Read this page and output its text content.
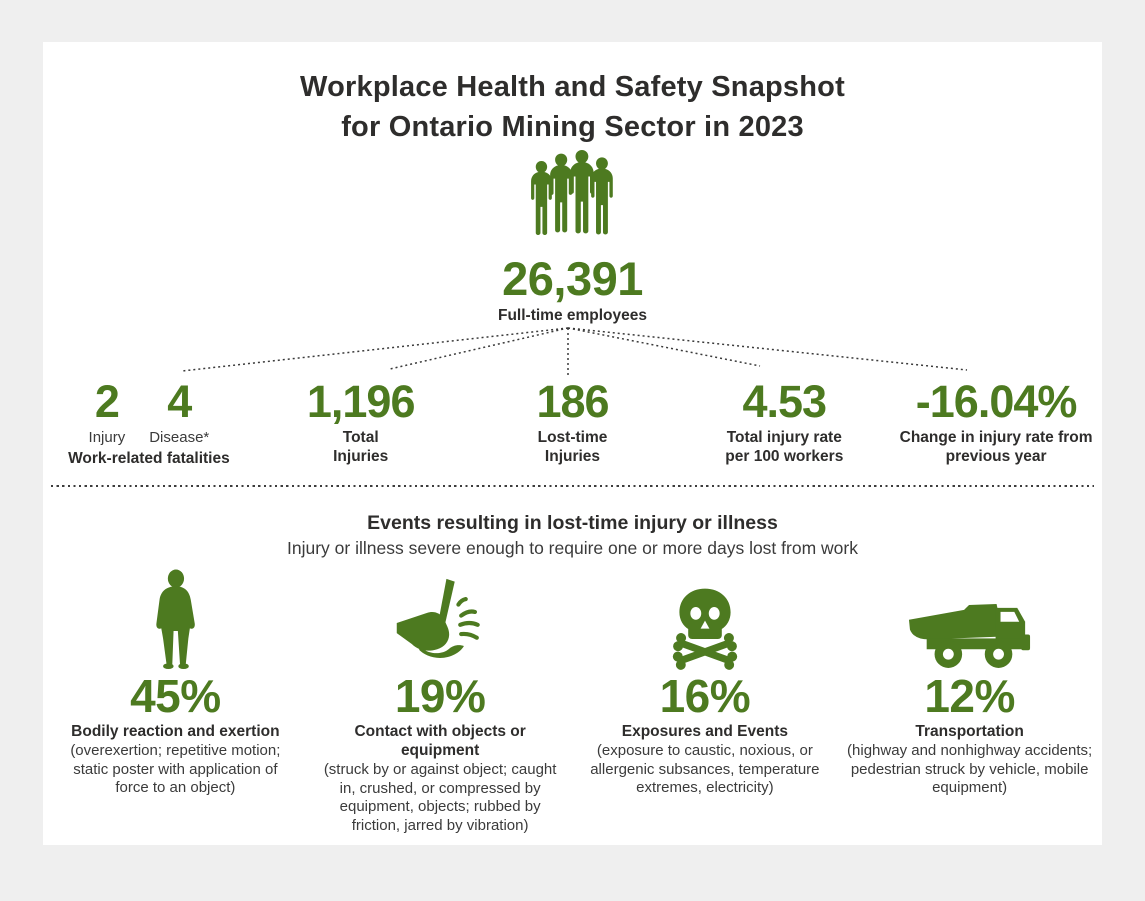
Workplace Health and Safety Snapshot
for Ontario Mining Sector in 2023
26,391
Full-time employees
2
Injury
4
Disease*
Work-related fatalities
1,196
Total
Injuries
186
Lost-time
Injuries
4.53
Total injury rate
per 100 workers
-16.04%
Change in injury rate from
previous year
Events resulting in lost-time injury or illness
Injury or illness severe enough to require one or more days lost from work
45%
Bodily reaction and exertion
(overexertion; repetitive motion; static poster with application of force to an object)
19%
Contact with objects or equipment
(struck by or against object; caught in, crushed, or compressed by equipment, objects; rubbed by friction, jarred by vibration)
16%
Exposures and Events
(exposure to caustic, noxious, or allergenic subsances, temperature extremes, electricity)
12%
Transportation
(highway and nonhighway accidents; pedestrian struck by vehicle, mobile equipment)
